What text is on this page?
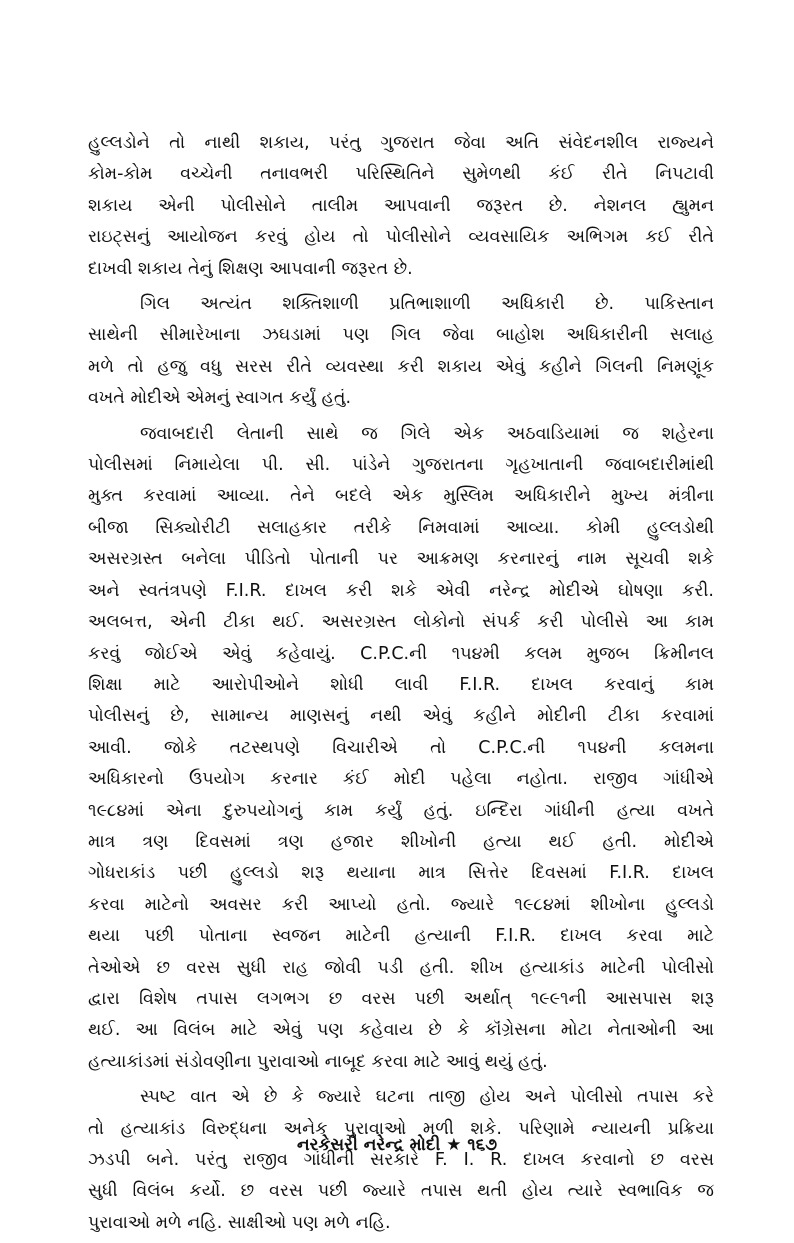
હુલ્લડોને તો નાથી શકાય, પરંતુ ગુજરાત જેવા અતિ સંવેદનશીલ રાજ્યને
કોમ-કોમ વચ્ચેની તનાવભરી પરિસ્થિતિને સુમેળથી કંઈ રીતે નિપટાવી
શકાય એની પોલીસોને તાલીમ આપવાની જરૂરત છે. નેશનલ હ્યુમન
રાઇટ્સનું આયોજન કરવું હોય તો પોલીસોને વ્યવસાયિક અભિગમ કઈ રીતે
દાખવી શકાય તેનું શિક્ષણ આપવાની જરૂરત છે.
ગિલ અત્યંત શક્તિશાળી પ્રતિભાશાળી અધિકારી છે. પાકિસ્તાન
સાથેની સીમારેખાના ઝઘડામાં પણ ગિલ જેવા બાહોશ અધિકારીની સલાહ
મળે તો હજુ વધુ સરસ રીતે વ્યવસ્થા કરી શકાય એવું કહીને ગિલની નિમણૂંક
વખતે મોદીએ એમનું સ્વાગત કર્યું હતું.
જવાબદારી લેતાની સાથે જ ગિલે એક અઠવાડિયામાં જ શહેરના
પોલીસમાં નિમાયેલા પી. સી. પાંડેને ગુજરાતના ગૃહખાતાની જવાબદારીમાંથી
મુક્ત કરવામાં આવ્યા. તેને બદલે એક મુસ્લિમ અધિકારીને મુખ્ય મંત્રીના
બીજા સિક્યોરીટી સલાહકાર તરીકે નિમવામાં આવ્યા. કોમી હુલ્લડોથી
અસરગ્રસ્ત બનેલા પીડિતો પોતાની પર આક્રમણ કરનારનું નામ સૂચવી શકે
અને સ્વતંત્રપણે F.I.R. દાખલ કરી શકે એવી નરેન્દ્ર મોદીએ ઘોષણા કરી.
અલબત્ત, એની ટીકા થઈ. અસરગ્રસ્ત લોકોનો સંપર્ક કરી પોલીસે આ કામ
કરવું જોઈએ એવું કહેવાયું. C.P.C.ની ૧૫૪મી કલમ મુજબ ક્રિમીનલ
શિક્ષા માટે આરોપીઓને શોધી લાવી F.I.R. દાખલ કરવાનું કામ
પોલીસનું છે, સામાન્ય માણસનું નથી એવું કહીને મોદીની ટીકા કરવામાં
આવી. જોકે તટસ્થપણે વિચારીએ તો C.P.C.ની ૧૫૪ની કલમના
અધિકારનો ઉપયોગ કરનાર કંઈ મોદી પહેલા નહોતા. રાજીવ ગાંધીએ
૧૯૮૪માં એના દુરુપયોગનું કામ કર્યું હતું. ઇન્દિરા ગાંધીની હત્યા વખતે
માત્ર ત્રણ દિવસમાં ત્રણ હજાર શીખોની હત્યા થઈ હતી. મોદીએ
ગોધરાકાંડ પછી હુલ્લડો શરૂ થયાના માત્ર સિત્તેર દિવસમાં F.I.R. દાખલ
કરવા માટેનો અવસર કરી આપ્યો હતો. જ્યારે ૧૯૮૪માં શીખોના હુલ્લડો
થયા પછી પોતાના સ્વજન માટેની હત્યાની F.I.R. દાખલ કરવા માટે
તેઓએ છ વરસ સુધી રાહ જોવી પડી હતી. શીખ હત્યાકાંડ માટેની પોલીસો
દ્વારા વિશેષ તપાસ લગભગ છ વરસ પછી અર્થાત્ ૧૯૯૧ની આસપાસ શરૂ
થઈ. આ વિલંબ માટે એવું પણ કહેવાય છે કે કૉંગ્રેસના મોટા નેતાઓની આ
હત્યાકાંડમાં સંડોવણીના પુરાવાઓ નાબૂદ કરવા માટે આવું થયું હતું.
સ્પષ્ટ વાત એ છે કે જ્યારે ઘટના તાજી હોય અને પોલીસો તપાસ કરે
તો હત્યાકાંડ વિરુદ્ધના અનેક પુરાવાઓ મળી શકે. પરિણામે ન્યાયની પ્રક્રિયા
ઝડપી બને. પરંતુ રાજીવ ગાંધીની સરકારે F. I. R. દાખલ કરવાનો છ વરસ
સુધી વિલંબ કર્યો. છ વરસ પછી જ્યારે તપાસ થતી હોય ત્યારે સ્વભાવિક જ
પુરાવાઓ મળે નહિ. સાક્ષીઓ પણ મળે નહિ.
નરકેસરી નરેન્દ્ર મોદી ★ ૧૬૭
